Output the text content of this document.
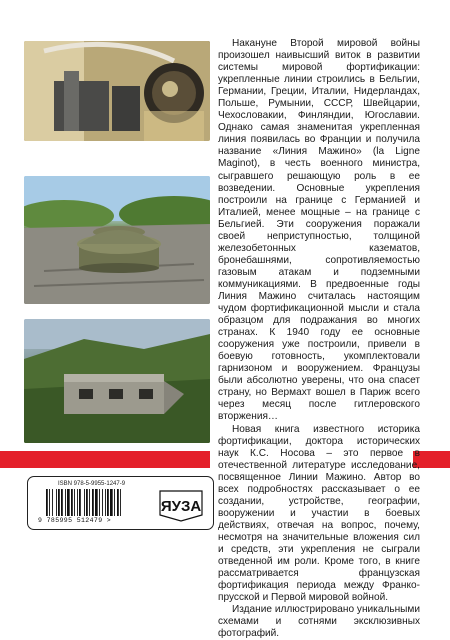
Накануне Второй мировой войны произошел наивысший виток в развитии системы мировой фортификации: укрепленные линии строились в Бельгии, Германии, Греции, Италии, Нидерландах, Польше, Румынии, СССР, Швейцарии, Чехословакии, Финляндии, Югославии. Однако самая знаменитая укрепленная линия появилась во Франции и получила название «Линия Мажино» (la Ligne Maginot), в честь военного министра, сыгравшего решающую роль в ее возведении. Основные укрепления построили на границе с Германией и Италией, менее мощные – на границе с Бельгией. Эти сооружения поражали своей неприступностью, толщиной железобетонных казематов, бронебашнями, сопротивляемостью газовым атакам и подземными коммуникациями. В предвоенные годы Линия Мажино считалась настоящим чудом фортификационной мысли и стала образцом для подражания во многих странах. К 1940 году ее основные сооружения уже построили, привели в боевую готовность, укомплектовали гарнизоном и вооружением. Французы были абсолютно уверены, что она спасет страну, но Вермахт вошел в Париж всего через месяц после гитлеровского вторжения…

Новая книга известного историка фортификации, доктора исторических наук К.С. Носова – это первое в отечественной литературе исследование, посвященное Линии Мажино. Автор во всех подробностях рассказывает о ее создании, устройстве, географии, вооружении и участии в боевых действиях, отвечая на вопрос, почему, несмотря на значительные вложения сил и средств, эти укрепления не сыграли отведенной им роли. Кроме того, в книге рассматривается французская фортификация периода между Франко-прусской и Первой мировой войной.

Издание иллюстрировано уникальными схемами и сотнями эксклюзивных фотографий.

ISBN 978-5-9955-1247-9
9 785995 512479 >
ЯУЗА
